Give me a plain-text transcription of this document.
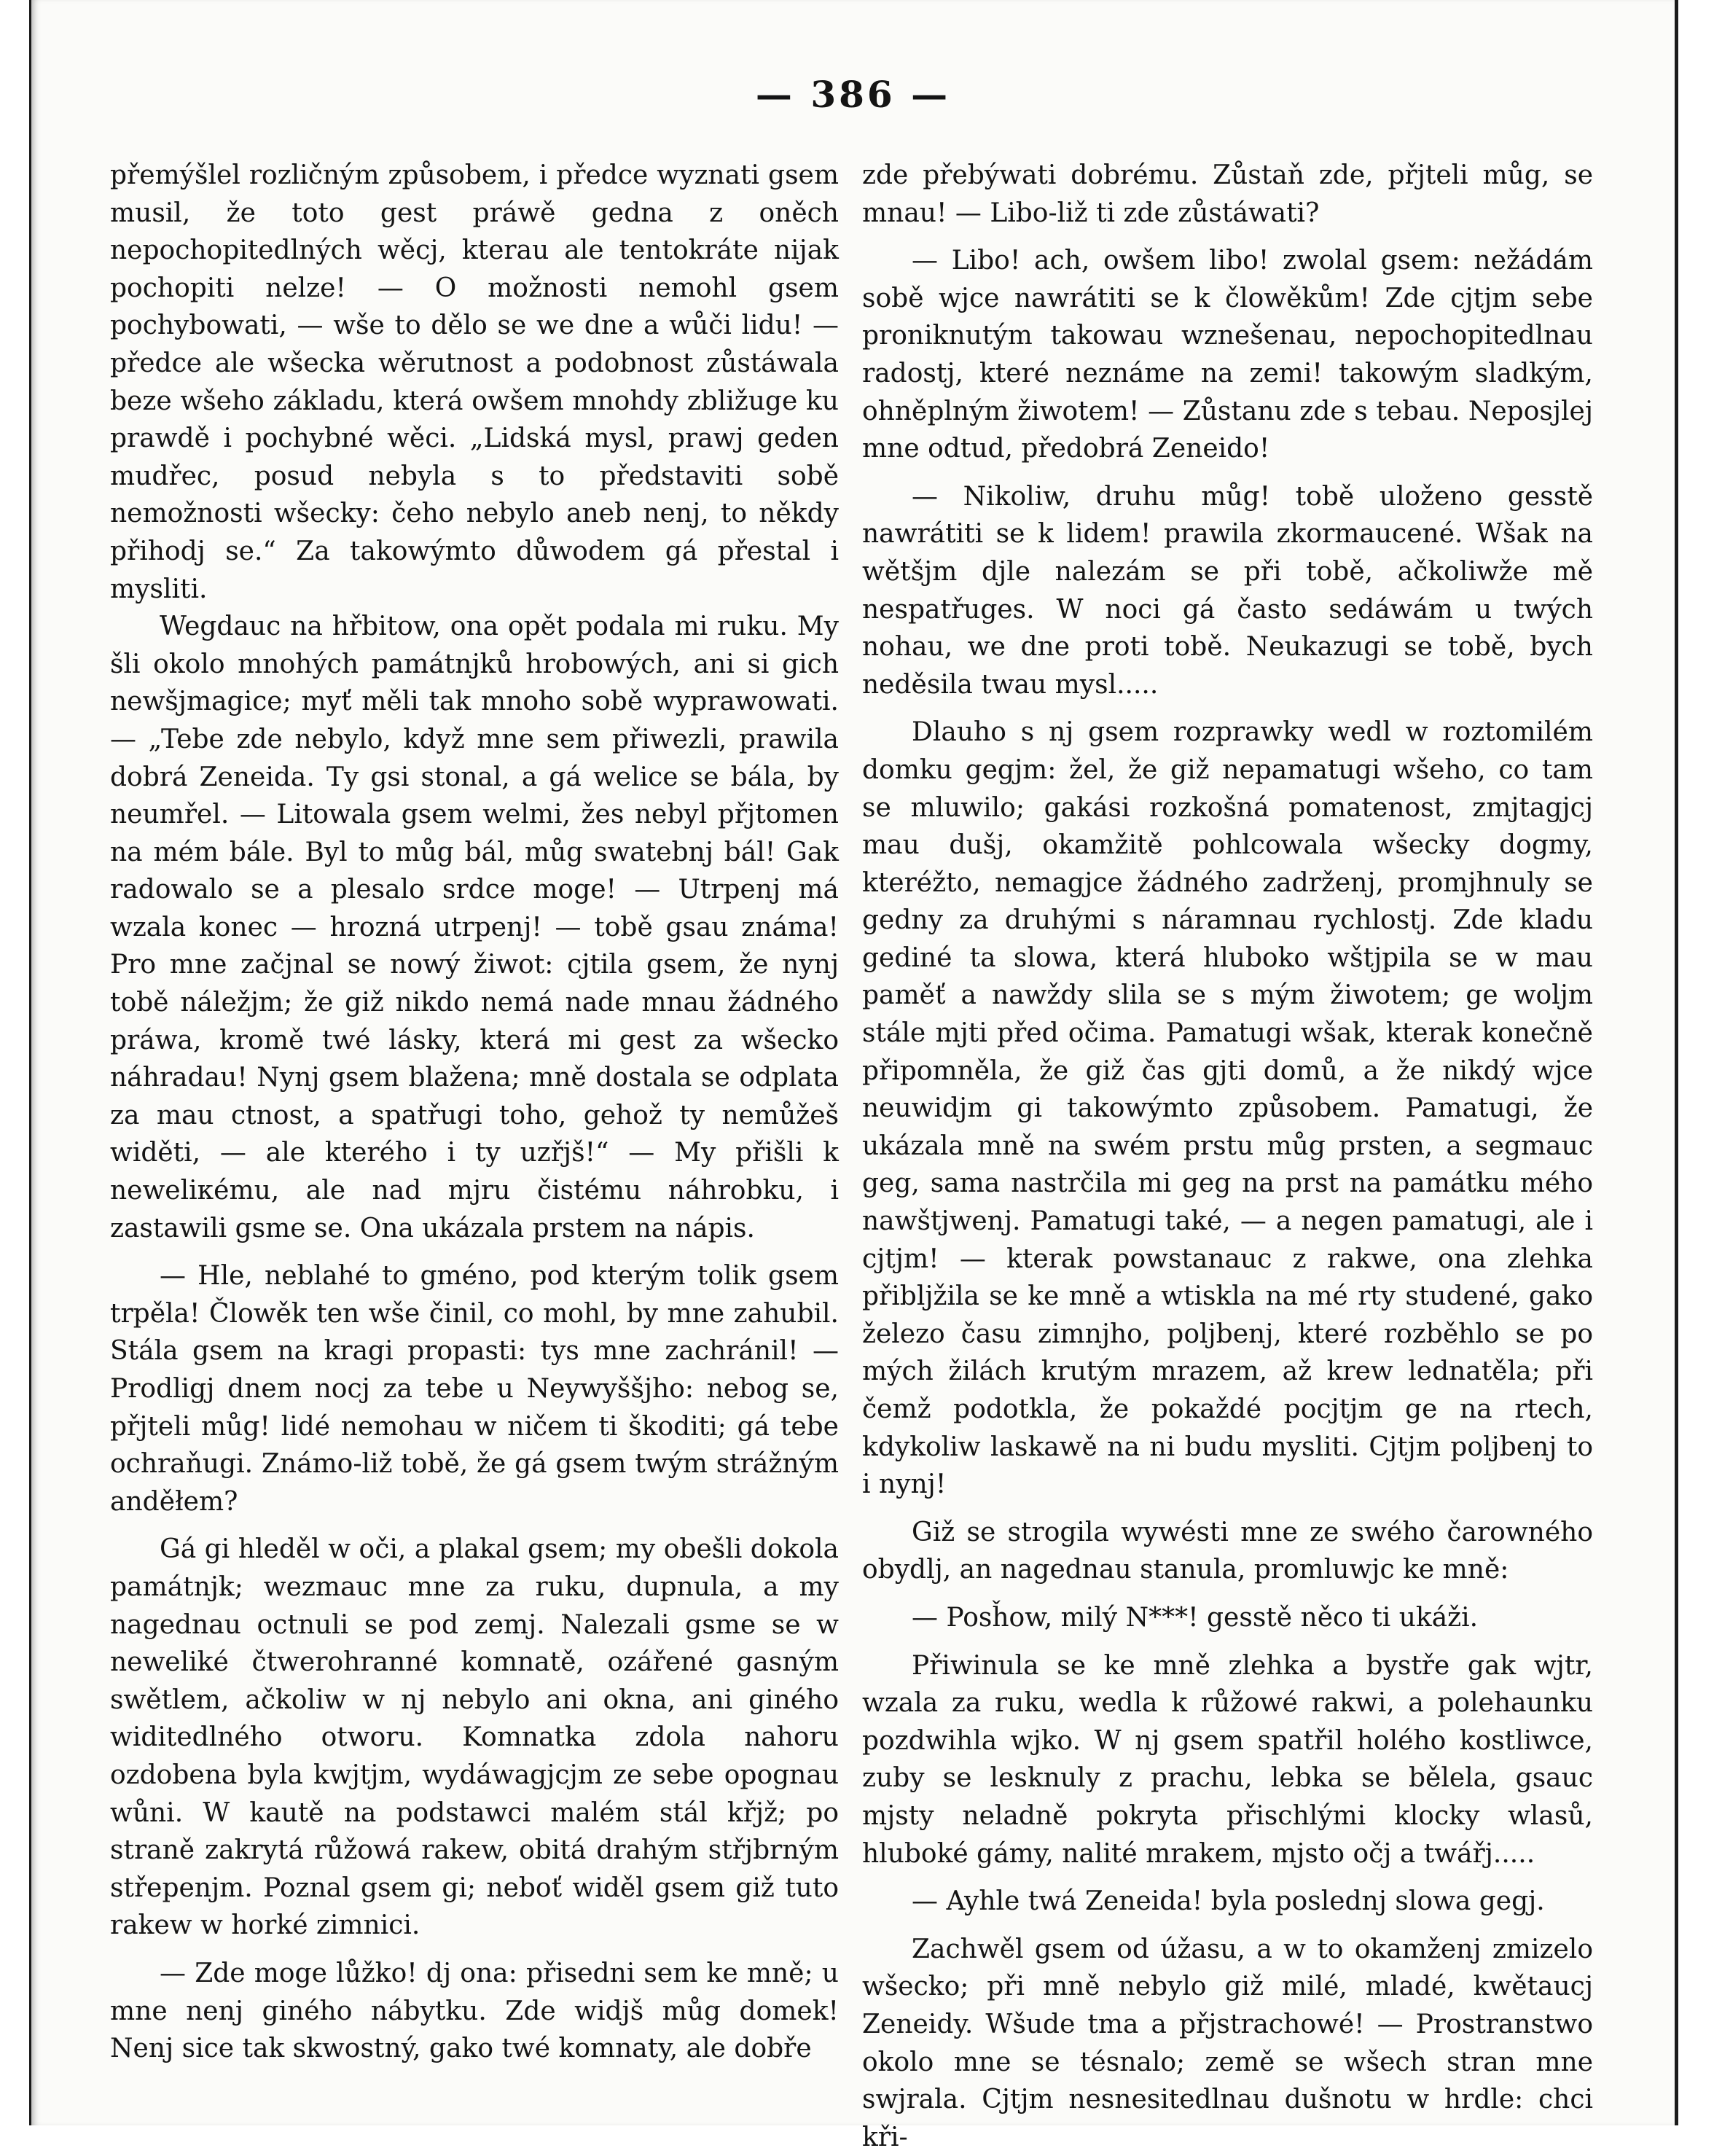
— 386 —

přemýšlel rozličným způsobem, i předce wyznati gsem musil, že toto gest práwě gedna z oněch nepochopitedlných wěcj, kterau ale tentokráte nijak pochopiti nelze! — O možnosti nemohl gsem pochybowati, — wše to dělo se we dne a wůči lidu! — předce ale wšecka wěrutnost a podobnost zůstáwala beze wšeho základu, která owšem mnohdy zbližuge ku prawdě i pochybné wěci. „Lidská mysl, prawj geden mudřec, posud nebyla s to představiti sobě nemožnosti wšecky: čeho nebylo aneb nenj, to někdy přihodj se.“ Za takowýmto důwodem gá přestal i mysliti.

Wegdauc na hřbitow, ona opět podala mi ruku. My šli okolo mnohých památnjků hrobowých, ani si gich newšjmagice; myť měli tak mnoho sobě wyprawowati. — „Tebe zde nebylo, když mne sem přiwezli, prawila dobrá Zeneida. Ty gsi stonal, a gá welice se bála, by neumřel. — Litowala gsem welmi, žes nebyl přjtomen na mém bále. Byl to můg bál, můg swatebnj bál! Gak radowalo se a plesalo srdce moge! — Utrpenj má wzala konec — hrozná utrpenj! — tobě gsau známa! Pro mne začjnal se nowý žiwot: cjtila gsem, že nynj tobě náležjm; že giž nikdo nemá nade mnau žádného práwa, kromě twé lásky, která mi gest za wšecko náhradau! Nynj gsem blažena; mně dostala se odplata za mau ctnost, a spatřugi toho, gehož ty nemůžeš widěti, — ale kterého i ty uzřjš!“ — My přišli k neweliкému, ale nad mjru čistému náhrobku, i zastawili gsme se. Ona ukázala prstem na nápis.

— Hle, neblahé to gméno, pod kterým tolik gsem trpěla! Člowěk ten wše činil, co mohl, by mne zahubil. Stála gsem na kragi propasti: tys mne zachránil! — Prodligj dnem nocj za tebe u Neywyššjho: nebog se, přjteli můg! lidé nemohau w ničem ti škoditi; gá tebe ochraňugi. Známo-liž tobě, že gá gsem twým strážným anděłem?

Gá gi hleděl w oči, a plakal gsem; my obešli dokola památnjk; wezmauc mne za ruku, dupnula, a my nagednau octnuli se pod zemj. Nalezali gsme se w newelіké čtwerohranné komnatě, ozářené gasným swětlem, ačkoliw w nj nebylo ani okna, ani giného widitedlného otworu. Komnatka zdola nahoru ozdobena byla kwjtjm, wydáwagjcjm ze sebe opognau wůni. W kautě na podstawci malém stál křjž; po straně zakrytá růžowá rakew, obitá drahým střjbrným střepenjm. Poznal gsem gi; neboť widěl gsem giž tuto rakew w horké zimnici.

— Zde moge lůžko! dj ona: přisedni sem ke mně; u mne nenj giného nábytku. Zde widjš můg domek! Nenj sice tak skwostný, gako twé komnaty, ale dobře

zde přebýwati dobrému. Zůstaň zde, přjteli můg, se mnau! — Libo-liž ti zde zůstáwati?

— Libo! ach, owšem libo! zwolal gsem: nežádám sobě wjce nawrátiti se k člowěkům! Zde cjtjm sebe proniknutým takowau wznešenau, nepochopitedlnau radostj, které neznáme na zemi! takowým sladkým, ohněplným žiwotem! — Zůstanu zde s tebau. Neposjlej mne odtud, předobrá Zeneido!

— Nikoliw, druhu můg! tobě uloženo gesstě nawrátiti se k lidem! prawila zkormaucené. Wšak na wětšjm djle nalezám se při tobě, ačkoliwže mě nespatřuges. W noci gá často sedáwám u twých nohau, we dne proti tobě. Neukazugi se tobě, bych neděsila twau mysl.....

Dlauho s nj gsem rozprawky wedl w roztomilém domku gegjm: žel, že giž nepamatugi wšeho, co tam se mluwilo; gakási rozkošná pomatenost, zmjtagjcj mau dušj, okamžitě pohlcowala wšecky dogmy, kteréžto, nemagjce žádného zadrženj, promjhnuly se gedny za druhými s náramnau rychlostj. Zde kladu gediné ta slowa, která hluboko wštjpila se w mau paměť a nawždy slila se s mým žiwotem; ge woljm stále mjti před očima. Pamatugi wšak, kterak konečně připomněla, že giž čas gjti domů, a že nikdý wjce neuwidjm gi takowýmto způsobem. Pamatugi, že ukázala mně na swém prstu můg prsten, a segmauc geg, sama nastrčila mi geg na prst na památku mého nawštjwenj. Pamatugi také, — a negen pamatugi, ale i cjtjm! — kterak powstanauc z rakwe, ona zlehka přibljžila se ke mně a wtiskla na mé rty studené, gako železo času zimnjho, poljbenj, které rozběhlo se po mých žilách krutým mrazem, až krew lednatěla; při čemž podotkla, že pokaždé pocjtjm ge na rtech, kdykoliw laskawě na ni budu mysliti. Cjtjm poljbenj to i nynj!

Giž se strogila wywésti mne ze swého čarowného obydlj, an nagednau stanula, promluwjc ke mně:

— Posȟow, milý N***! gesstě něco ti ukáži.

Přiwinula se ke mně zlehka a bystře gak wjtr, wzala za ruku, wedla k růžowé rakwi, a polehaunku pozdwihla wjko. W nj gsem spatřil holého kostliwce, zuby se lesknuly z prachu, lebka se bělela, gsauc mjsty neladně pokryta přischlými klocky wlasů, hluboké gámy, nalité mrakem, mjsto očj a twářj.....

— Ayhle twá Zeneida! byla poslednj slowa gegj.

Zachwěl gsem od úžasu, a w to okamženj zmizelo wšecko; při mně nebylo giž milé, mladé, kwětaucj Zeneidy. Wšude tma a přjstrachowé! — Prostranstwo okolo mne se tésnalo; země se wšech stran mne swjrala. Cjtjm nesnesitedlnau dušnotu w hrdle: chci kři-
